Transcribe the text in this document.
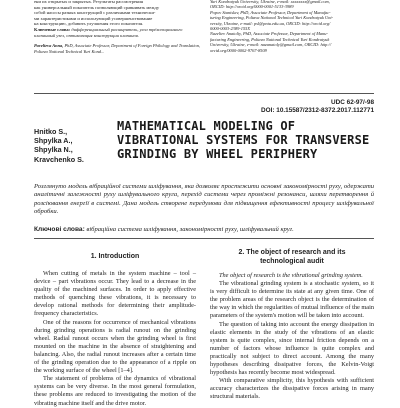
ени их открытых и закрытых. Результаты рассмотрения
как универсальный показатель позволяющий сравнивать между
собой насосы разных конструкций с различными технически-
ми характеристиками и использующий усовершенствование
на конструкцию, добавить улучшения этого показателя.
Ключевые слова: дифференциальный расширитель, угол трёхсекционного клапанный узел, оптимизация конструкции клапанов.
Pavelieva Anna, PhD, Associate Professor, Department of Foreign Philology and Translation, Poltava National Technical Yuri Kond...
Yuri Kondratyuk University, Ukraine, e-mail: xxxxxxxx@gmail.com,
ORCID: http://orcid.org/0000-0001-5133-3989
Popov Stanislav, PhD, Associate Professor, Department of Manufac-
turing Engineering, Poltava National Technical Yuri Kondratyuk Uni-
versity, Ukraine, e-mail: psl@pntu.edu.ua, ORCID: http://orcid.org/
0000-0003-2389-155X
Nazeliev Anatoliy, PhD, Associate Professor, Department of Manu-
facturing Engineering, Poltava National Technical Yuri Kondratyuk
University, Ukraine, e-mail: nazanatoly@gmail.com, ORCID: http://
orcid.org/0000-0002-9767-8509
UDC 62-97/-98
DOI: 10.15587/2312-8372.2017.112771
Hnitko S.,
Shpylka A.,
Shpylka N.,
Kravchenko S.
MATHEMATICAL MODELING OF VIBRATIONAL SYSTEMS FOR TRANSVERSE GRINDING BY WHEEL PERIPHERY
Розглянуто модель вібраційної системи шліфування, яка дозволяє простежити основні закономірності руху, одержати аналітичні залежності руху шліфувального круга, перехід системи через проміжні резонанси, шляхи перетворення й розсіювання енергії в системі. Дана модель створене передумови для підвищення ефективності процесу шліфувальної обробки.
Ключові слова: вібраційна система шліфування, закономірності руху, шліфувальний круг.
1. Introduction

When cutting of metals in the system machine – tool – device – part vibrations occur. They lead to a decrease in the quality of the machined surfaces. In order to apply effective methods of quenching these vibrations, it is necessary to develop rational methods for determining their amplitude-frequency characteristics.

One of the reasons for occurrence of mechanical vibrations during grinding operations is radial runout on the grinding wheel. Radial runout occurs when the grinding wheel is first mounted on the machine in the absence of straightening and balancing. Also, the radial runout increases after a certain time of the grinding operation due to the appearance of a ripple on the working surface of the wheel [1–4].

The statement of problems of the dynamics of vibrational systems can be very diverse. In the most general formulation, these problems are reduced to investigating the motion of the vibrating machine itself and the drive motor.

2. The object of research and its technological audit

The object of research is the vibrational grinding system.

The vibrational grinding system is a stochastic system, so it is very difficult to determine its state at any given time. One of the problem areas of the research object is the determination of the way in which the regularities of mutual influence of the main parameters of the system's motion will be taken into account.

The question of taking into account the energy dissipation in elastic elements in the study of the vibrations of an elastic system is quite complex, since internal friction depends on a number of factors whose influence is quite complex and practically not subject to direct account. Among the many hypotheses describing dissipative forces, the Kelvin-Voigt hypothesis has recently become most widespread.

With comparative simplicity, this hypothesis with sufficient accuracy characterizes the dissipative forces arising in many structural materials.
